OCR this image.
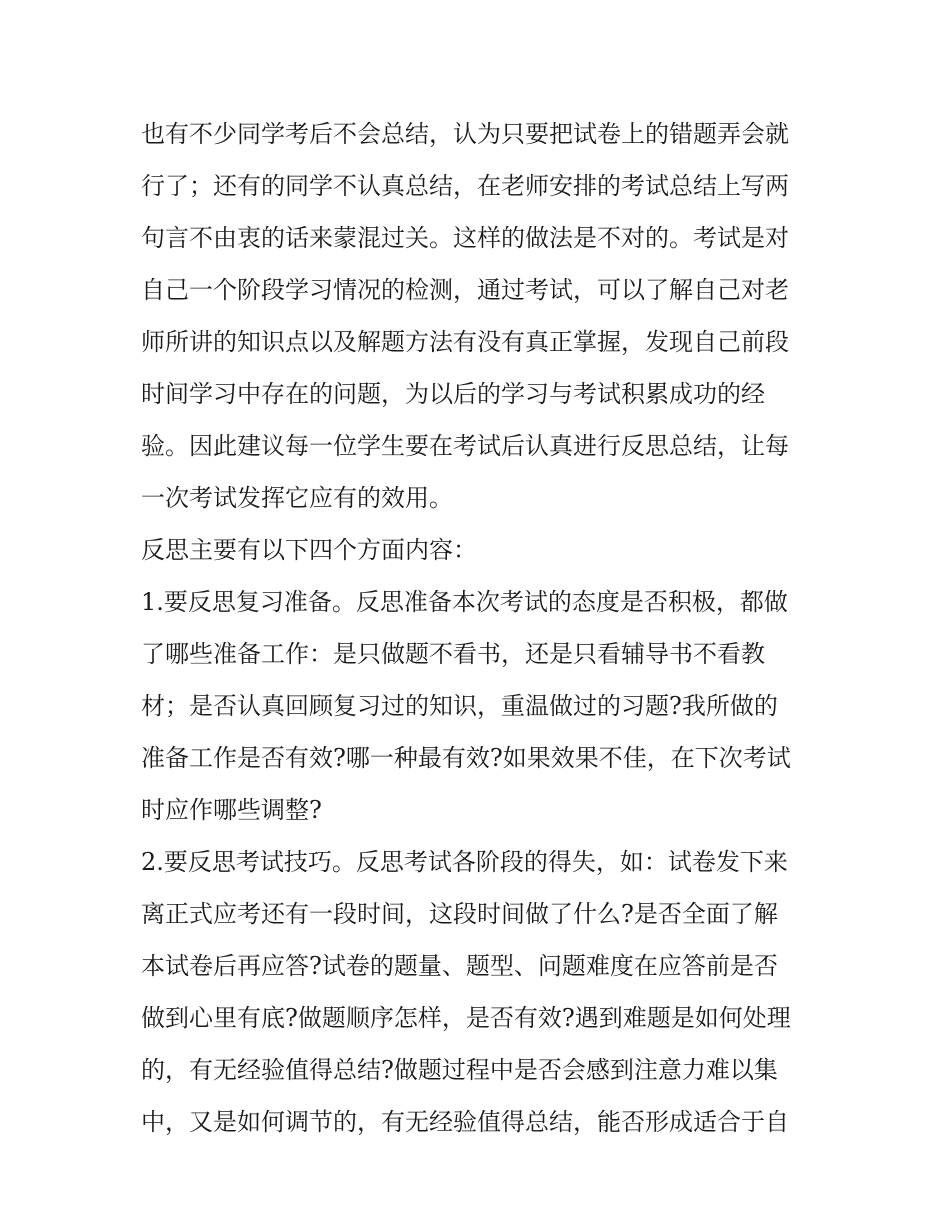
也有不少同学考后不会总结，认为只要把试卷上的错题弄会就
行了；还有的同学不认真总结，在老师安排的考试总结上写两
句言不由衷的话来蒙混过关。这样的做法是不对的。考试是对
自己一个阶段学习情况的检测，通过考试，可以了解自己对老
师所讲的知识点以及解题方法有没有真正掌握，发现自己前段
时间学习中存在的问题，为以后的学习与考试积累成功的经
验。因此建议每一位学生要在考试后认真进行反思总结，让每
一次考试发挥它应有的效用。
反思主要有以下四个方面内容：
1.要反思复习准备。反思准备本次考试的态度是否积极，都做
了哪些准备工作：是只做题不看书，还是只看辅导书不看教
材；是否认真回顾复习过的知识，重温做过的习题?我所做的
准备工作是否有效?哪一种最有效?如果效果不佳，在下次考试
时应作哪些调整?
2.要反思考试技巧。反思考试各阶段的得失，如：试卷发下来
离正式应考还有一段时间，这段时间做了什么?是否全面了解
本试卷后再应答?试卷的题量、题型、问题难度在应答前是否
做到心里有底?做题顺序怎样，是否有效?遇到难题是如何处理
的，有无经验值得总结?做题过程中是否会感到注意力难以集
中，又是如何调节的，有无经验值得总结，能否形成适合于自
